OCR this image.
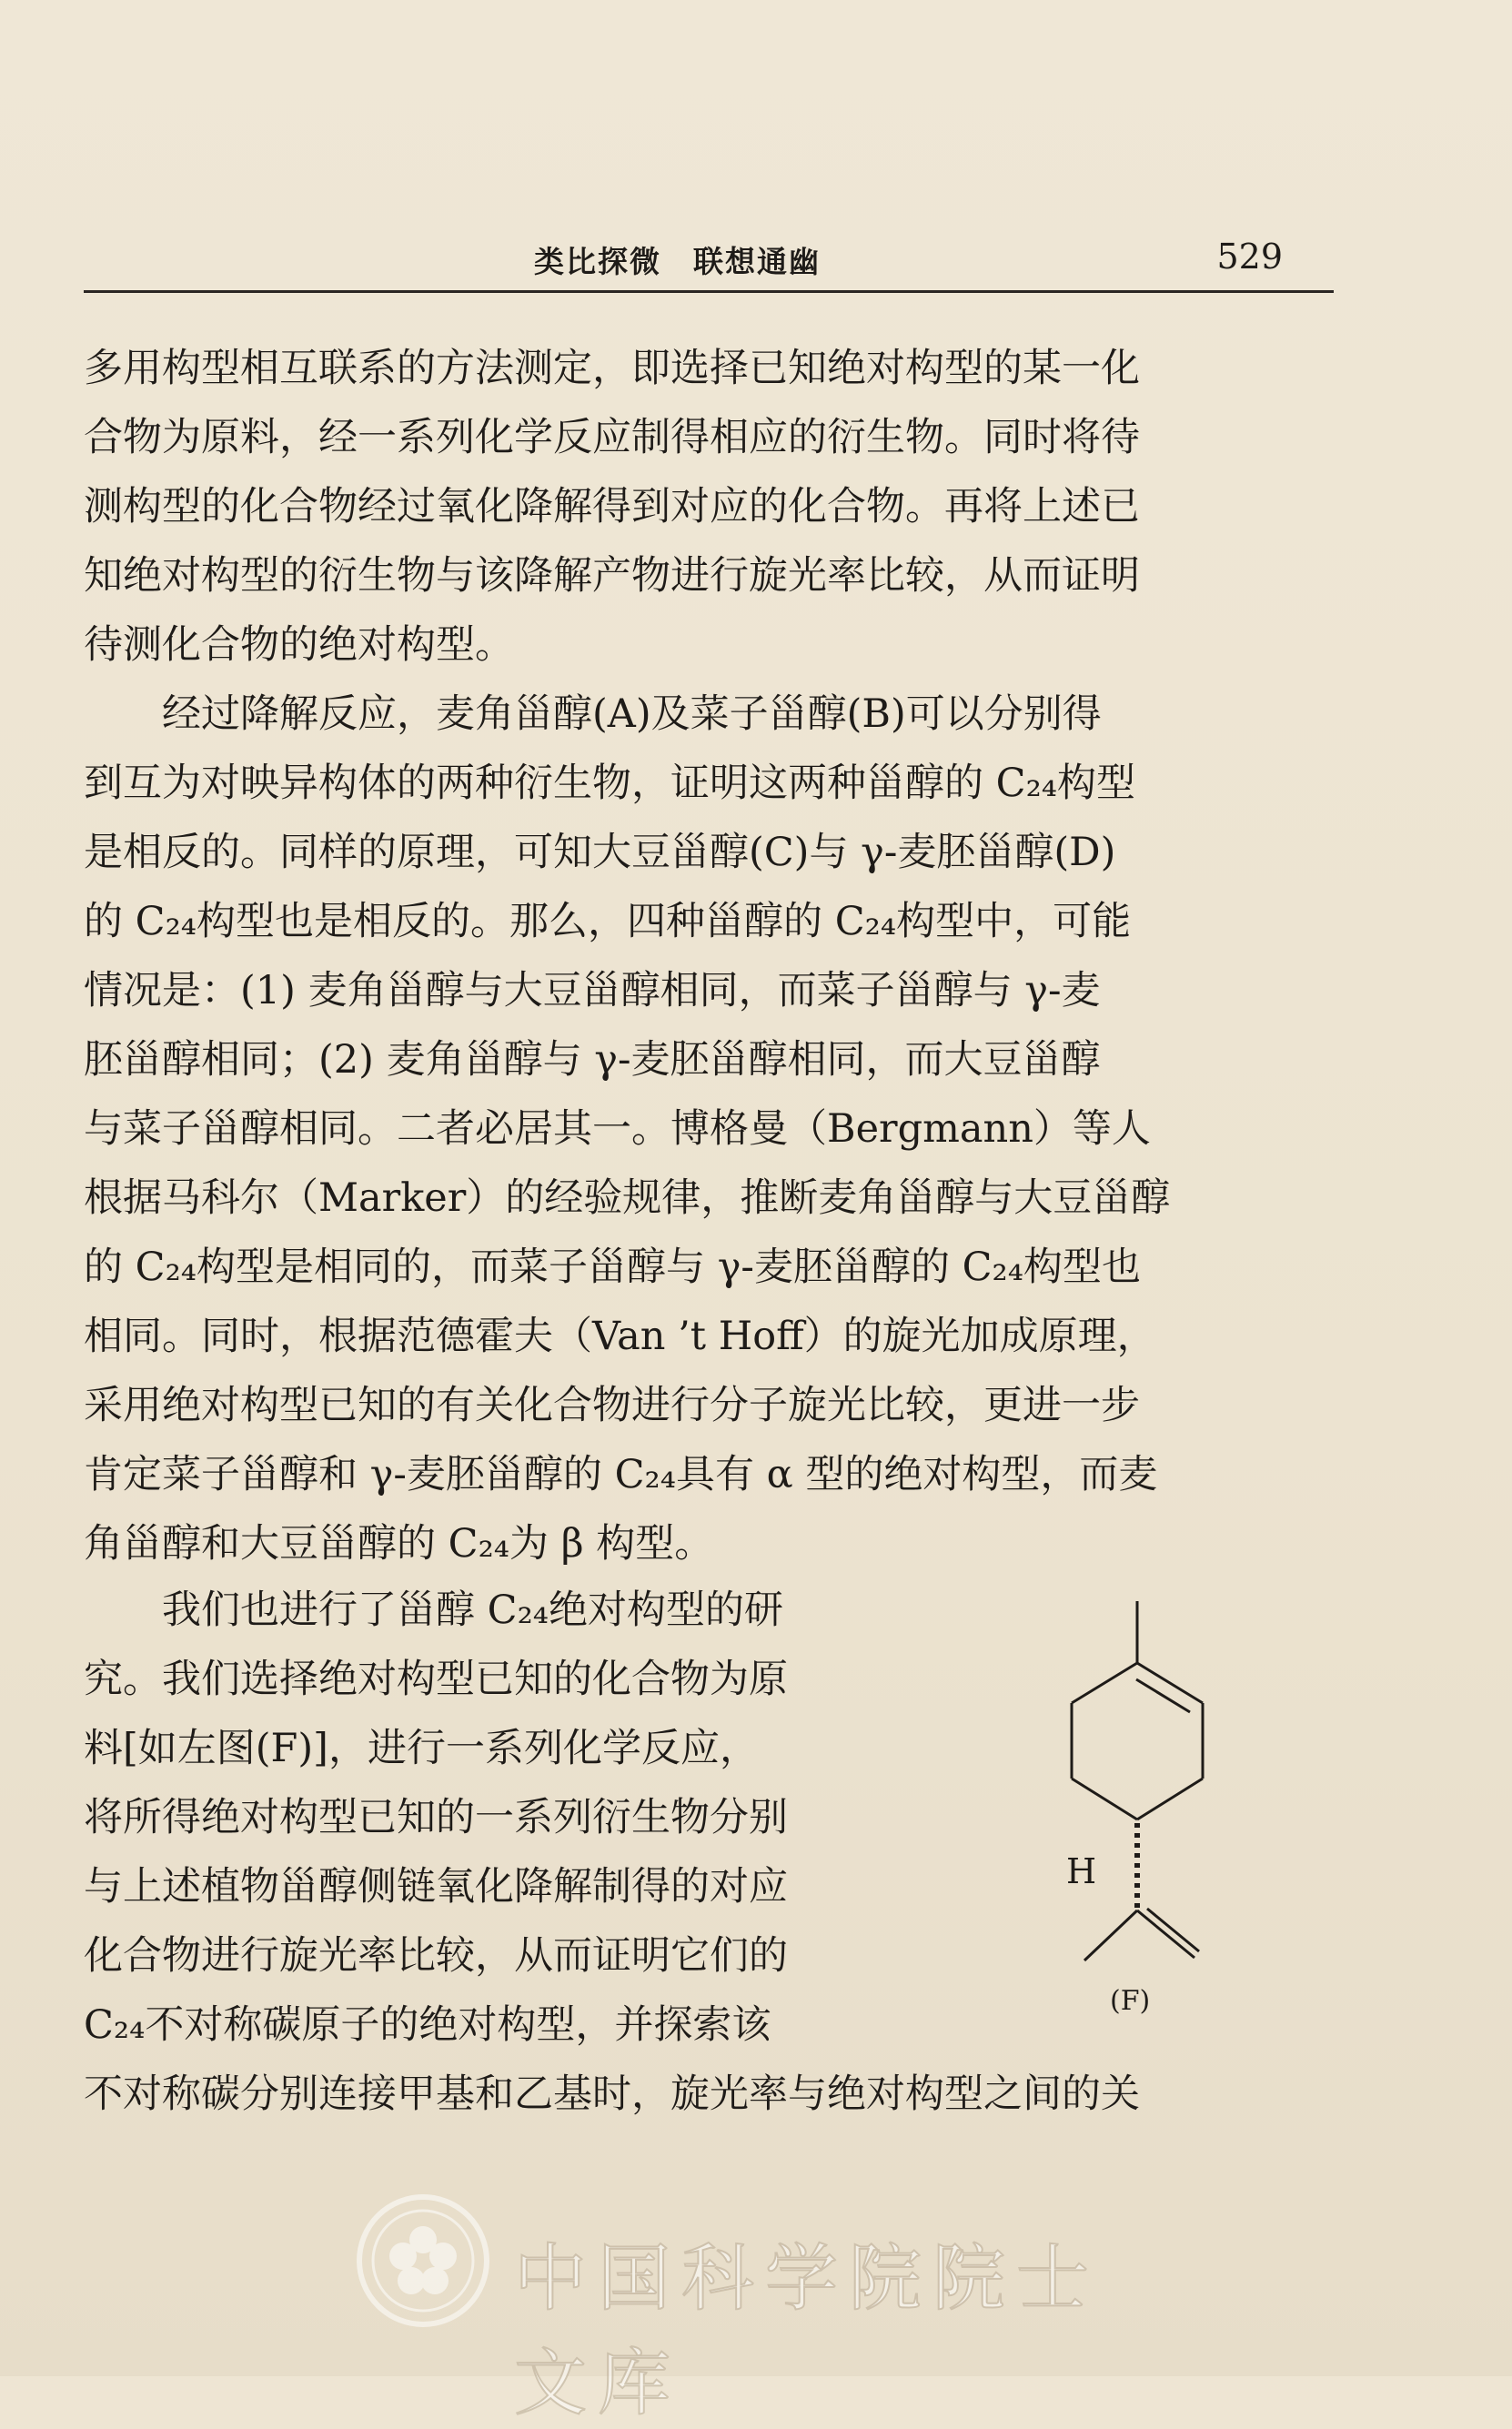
类比探微　联想通幽	529
多用构型相互联系的方法测定，即选择已知绝对构型的某一化
合物为原料，经一系列化学反应制得相应的衍生物。同时将待
测构型的化合物经过氧化降解得到对应的化合物。再将上述已
知绝对构型的衍生物与该降解产物进行旋光率比较，从而证明
待测化合物的绝对构型。
　　经过降解反应，麦角甾醇(A)及菜子甾醇(B)可以分别得
到互为对映异构体的两种衍生物，证明这两种甾醇的 C₂₄构型
是相反的。同样的原理，可知大豆甾醇(C)与 γ-麦胚甾醇(D)
的 C₂₄构型也是相反的。那么，四种甾醇的 C₂₄构型中，可能
情况是：(1) 麦角甾醇与大豆甾醇相同，而菜子甾醇与 γ-麦
胚甾醇相同；(2) 麦角甾醇与 γ-麦胚甾醇相同，而大豆甾醇
与菜子甾醇相同。二者必居其一。博格曼（Bergmann）等人
根据马科尔（Marker）的经验规律，推断麦角甾醇与大豆甾醇
的 C₂₄构型是相同的，而菜子甾醇与 γ-麦胚甾醇的 C₂₄构型也
相同。同时，根据范德霍夫（Van ’t Hoff）的旋光加成原理，
采用绝对构型已知的有关化合物进行分子旋光比较，更进一步
肯定菜子甾醇和 γ-麦胚甾醇的 C₂₄具有 α 型的绝对构型，而麦
角甾醇和大豆甾醇的 C₂₄为 β 构型。
　　我们也进行了甾醇 C₂₄绝对构型的研
究。我们选择绝对构型已知的化合物为原
料[如左图(F)]，进行一系列化学反应，
将所得绝对构型已知的一系列衍生物分别
与上述植物甾醇侧链氧化降解制得的对应
化合物进行旋光率比较，从而证明它们的
C₂₄不对称碳原子的绝对构型，并探索该
不对称碳分别连接甲基和乙基时，旋光率与绝对构型之间的关
H
(F)
中国科学院院士文库
